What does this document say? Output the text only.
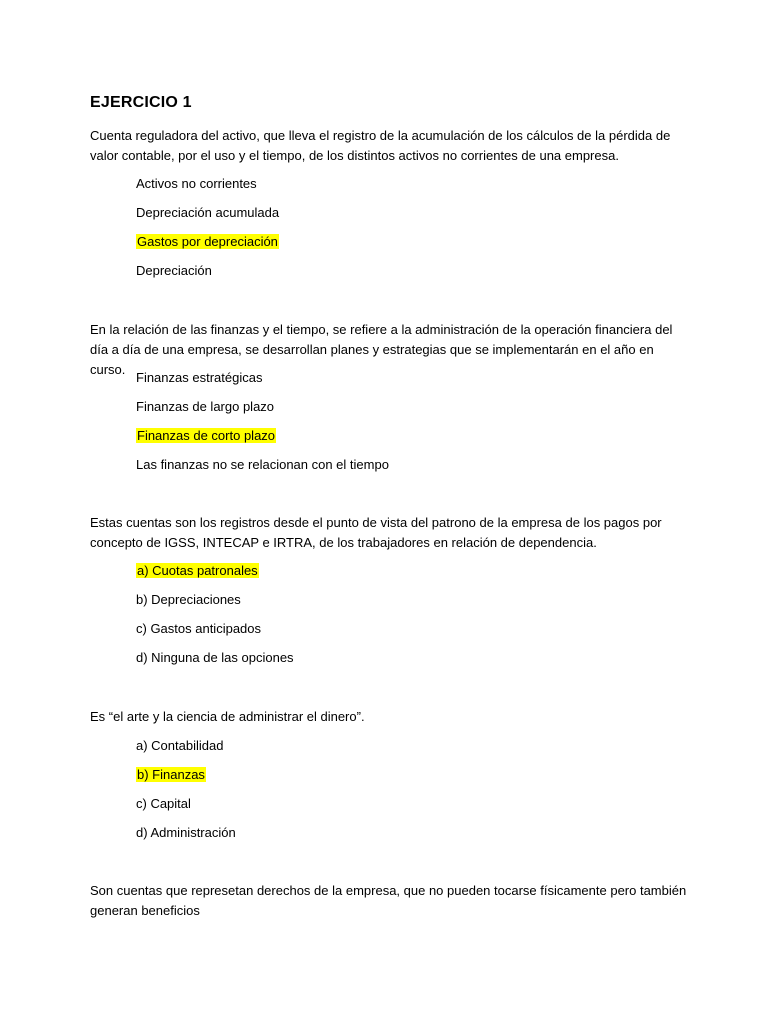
EJERCICIO 1

Cuenta reguladora del activo, que lleva el registro de la acumulación de los cálculos de la pérdida de valor contable, por el uso y el tiempo, de los distintos activos no corrientes de una empresa.

Activos no corrientes

Depreciación acumulada

Gastos por depreciación

Depreciación

En la relación de las finanzas y el tiempo, se refiere a la administración de la operación financiera del día a día de una empresa, se desarrollan planes y estrategias que se implementarán en el año en curso.

Finanzas estratégicas

Finanzas de largo plazo

Finanzas de corto plazo

Las finanzas no se relacionan con el tiempo

Estas cuentas son los registros desde el punto de vista del patrono de la empresa de los pagos por concepto de IGSS, INTECAP e IRTRA, de los trabajadores en relación de dependencia.

a) Cuotas patronales

b) Depreciaciones

c) Gastos anticipados

d) Ninguna de las opciones

Es “el arte y la ciencia de administrar el dinero”.

a) Contabilidad

b) Finanzas

c) Capital

d) Administración

Son cuentas que represetan derechos de la empresa, que no pueden tocarse físicamente pero también generan beneficios
